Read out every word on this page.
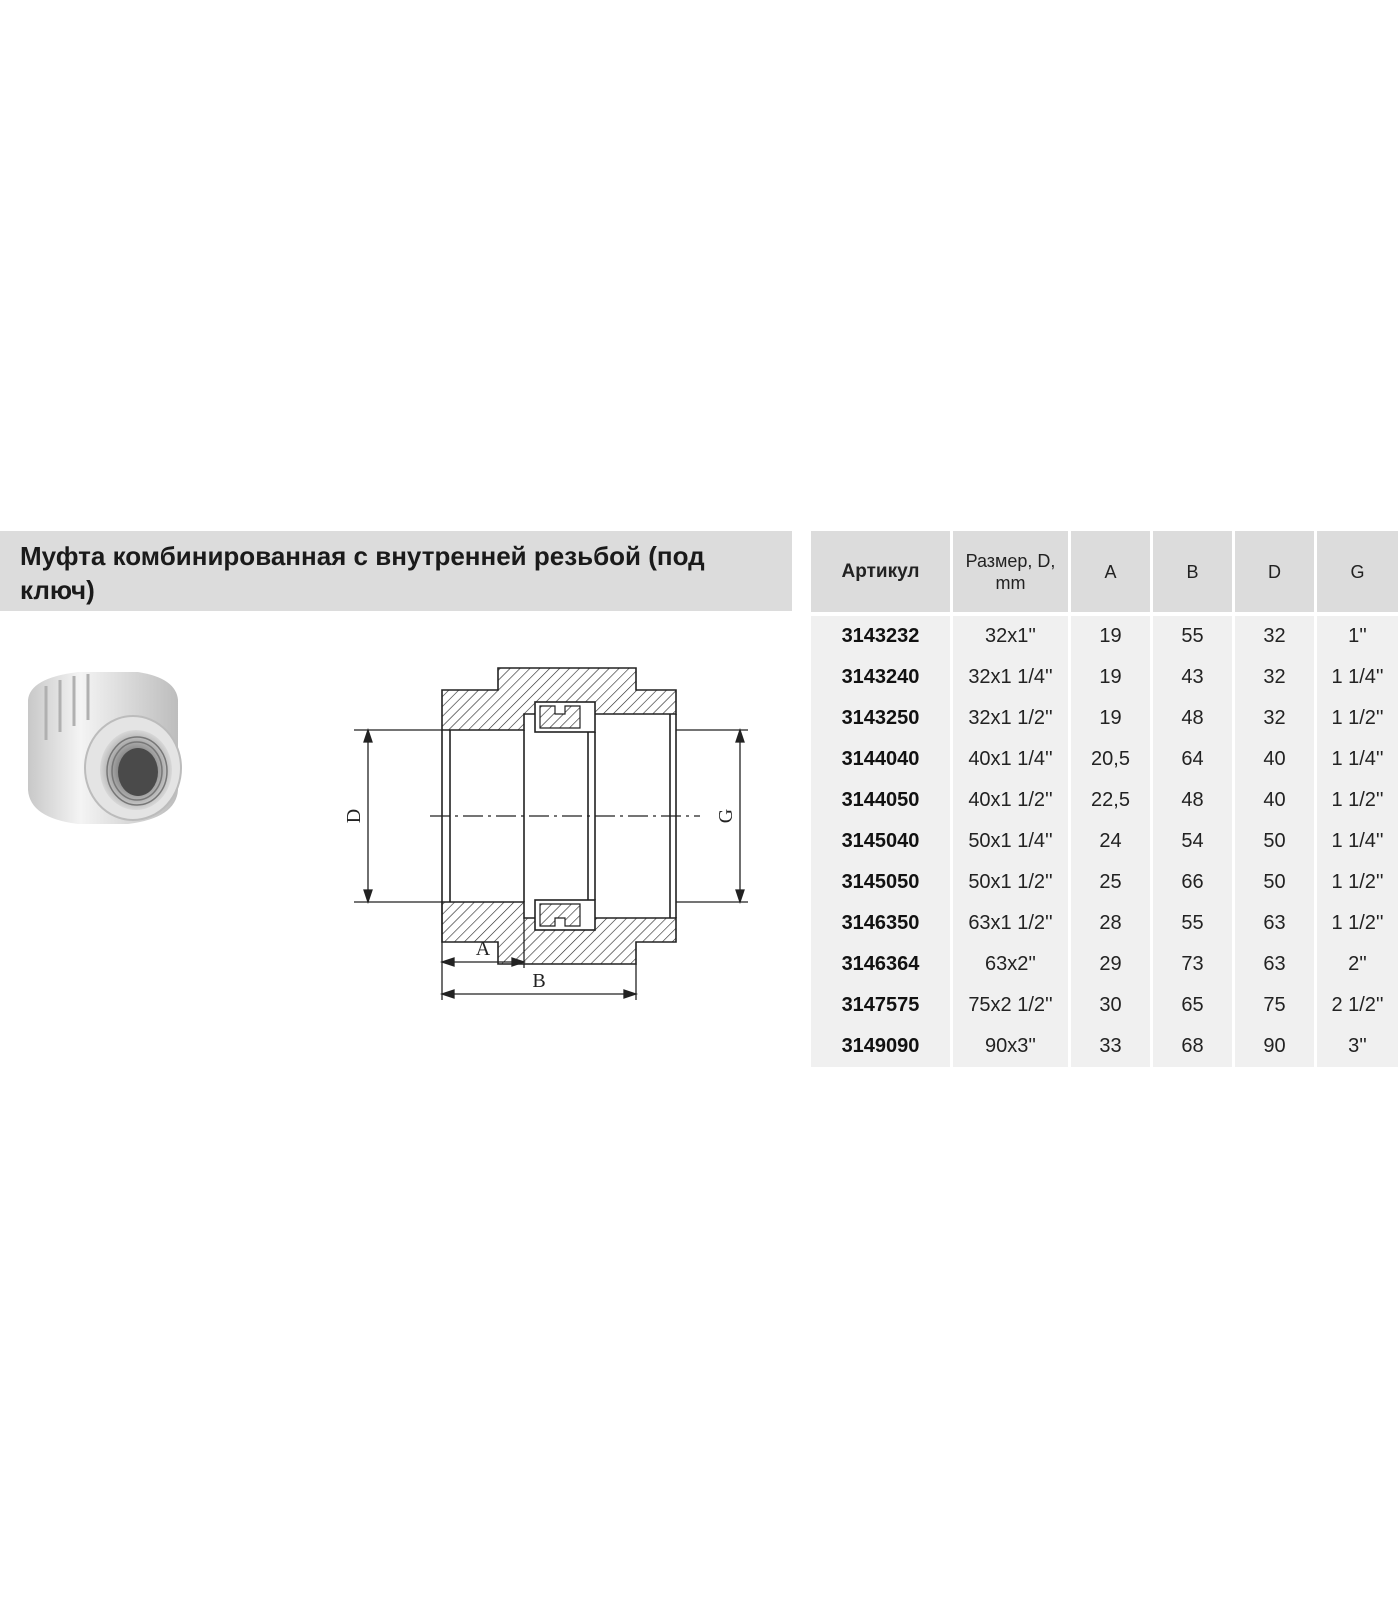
Муфта комбинированная с внутренней резьбой (под ключ)
D	G
A
B
Артикул	Размер, D, mm	A	B	D	G
3143232	32x1''	19	55	32	1''
3143240	32x1 1/4''	19	43	32	1 1/4''
3143250	32x1 1/2''	19	48	32	1 1/2''
3144040	40x1 1/4''	20,5	64	40	1 1/4''
3144050	40x1 1/2''	22,5	48	40	1 1/2''
3145040	50x1 1/4''	24	54	50	1 1/4''
3145050	50x1 1/2''	25	66	50	1 1/2''
3146350	63x1 1/2''	28	55	63	1 1/2''
3146364	63x2''	29	73	63	2''
3147575	75x2 1/2''	30	65	75	2 1/2''
3149090	90x3''	33	68	90	3''
